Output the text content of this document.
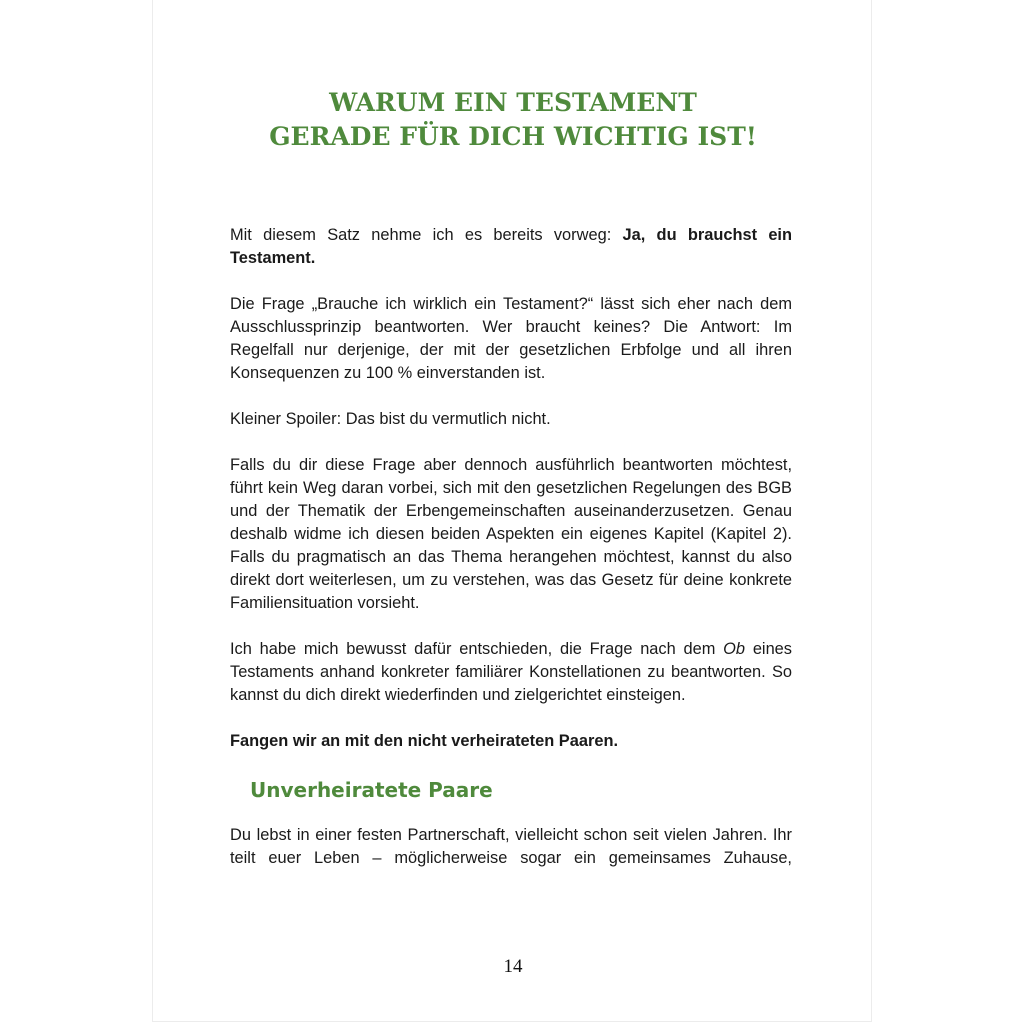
WARUM EIN TESTAMENT
GERADE FÜR DICH WICHTIG IST!

Mit diesem Satz nehme ich es bereits vorweg: Ja, du brauchst ein Testament.

Die Frage „Brauche ich wirklich ein Testament?“ lässt sich eher nach dem Ausschlussprinzip beantworten. Wer braucht keines? Die Antwort: Im Regelfall nur derjenige, der mit der gesetzlichen Erbfolge und all ihren Konsequenzen zu 100 % einverstanden ist.

Kleiner Spoiler: Das bist du vermutlich nicht.

Falls du dir diese Frage aber dennoch ausführlich beantworten möchtest, führt kein Weg daran vorbei, sich mit den gesetzlichen Regelungen des BGB und der Thematik der Erbengemeinschaften auseinanderzusetzen. Genau deshalb widme ich diesen beiden Aspekten ein eigenes Kapitel (Kapitel 2). Falls du pragmatisch an das Thema herangehen möchtest, kannst du also direkt dort weiterlesen, um zu verstehen, was das Gesetz für deine konkrete Familiensituation vorsieht.

Ich habe mich bewusst dafür entschieden, die Frage nach dem Ob eines Testaments anhand konkreter familiärer Konstellationen zu beantworten. So kannst du dich direkt wiederfinden und zielgerichtet einsteigen.

Fangen wir an mit den nicht verheirateten Paaren.

Unverheiratete Paare

Du lebst in einer festen Partnerschaft, vielleicht schon seit vielen Jahren. Ihr teilt euer Leben – möglicherweise sogar ein gemeinsames Zuhause,

14
